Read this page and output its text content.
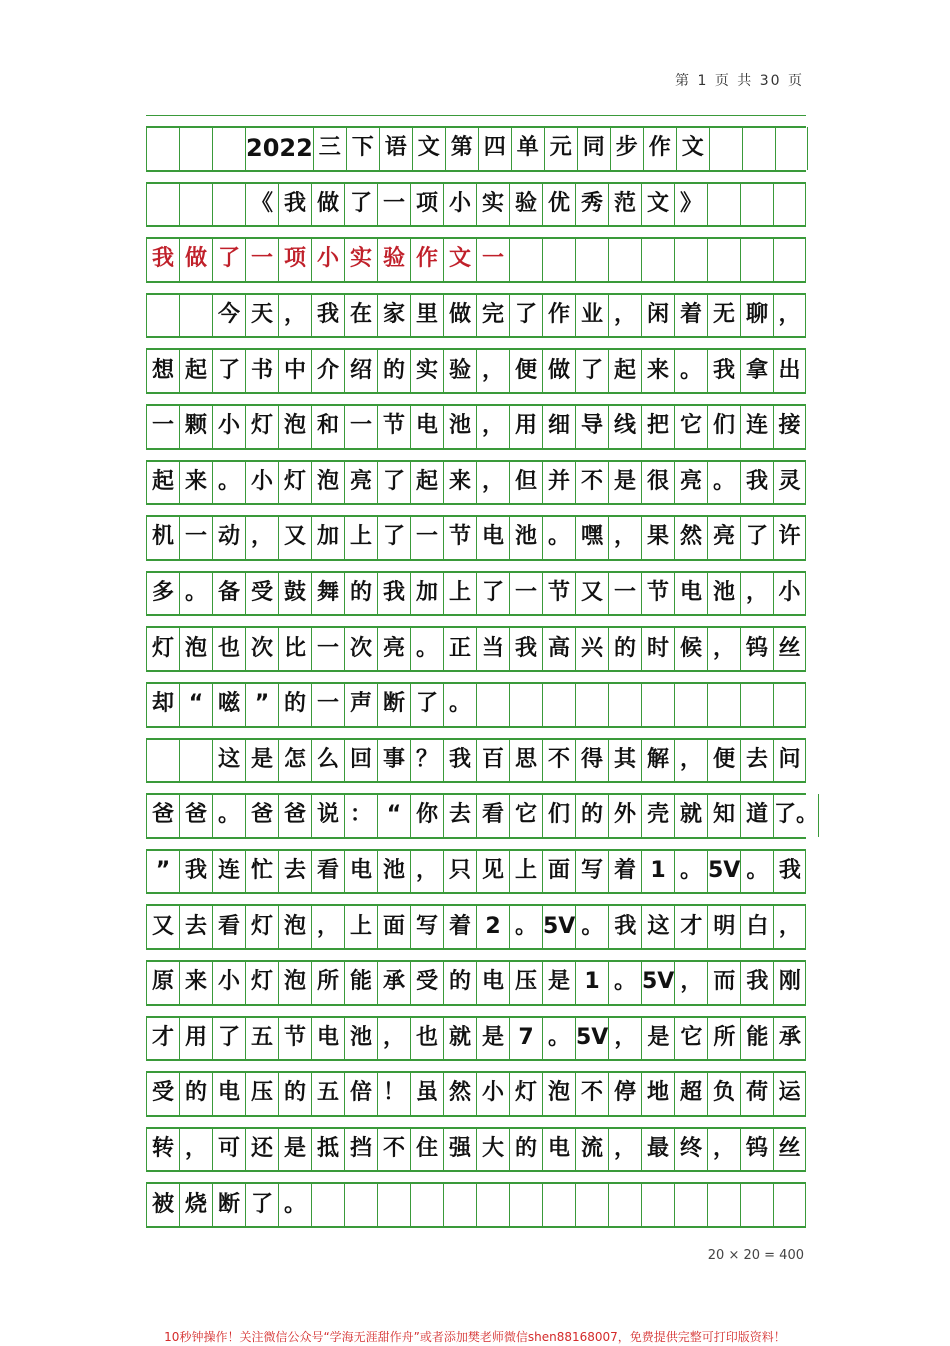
第 1 页 共 30 页
2022 三 下 语 文 第 四 单 元 同 步 作 文
《 我 做 了 一 项 小 实 验 优 秀 范 文 》
我 做 了 一 项 小 实 验 作 文 一
今 天 ， 我 在 家 里 做 完 了 作 业 ， 闲 着 无 聊 ，
想 起 了 书 中 介 绍 的 实 验 ， 便 做 了 起 来 。 我 拿 出
一 颗 小 灯 泡 和 一 节 电 池 ， 用 细 导 线 把 它 们 连 接
起 来 。 小 灯 泡 亮 了 起 来 ， 但 并 不 是 很 亮 。 我 灵
机 一 动 ， 又 加 上 了 一 节 电 池 。 嘿 ， 果 然 亮 了 许
多 。 备 受 鼓 舞 的 我 加 上 了 一 节 又 一 节 电 池 ， 小
灯 泡 也 次 比 一 次 亮 。 正 当 我 高 兴 的 时 候 ， 钨 丝
却 “ 嗞 ” 的 一 声 断 了 。
这 是 怎 么 回 事 ？ 我 百 思 不 得 其 解 ， 便 去 问
爸 爸 。 爸 爸 说 ： “ 你 去 看 它 们 的 外 壳 就 知 道 了。
” 我 连 忙 去 看 电 池 ， 只 见 上 面 写 着 1 。 5V 。 我
又 去 看 灯 泡 ， 上 面 写 着 2 。 5V 。 我 这 才 明 白 ，
原 来 小 灯 泡 所 能 承 受 的 电 压 是 1 。 5V ， 而 我 刚
才 用 了 五 节 电 池 ， 也 就 是 7 。 5V ， 是 它 所 能 承
受 的 电 压 的 五 倍 ！ 虽 然 小 灯 泡 不 停 地 超 负 荷 运
转 ， 可 还 是 抵 挡 不 住 强 大 的 电 流 ， 最 终 ， 钨 丝
被 烧 断 了 。
20 × 20 = 400
10秒钟操作！关注微信公众号“学海无涯甜作舟”或者添加樊老师微信shen88168007，免费提供完整可打印版资料！
